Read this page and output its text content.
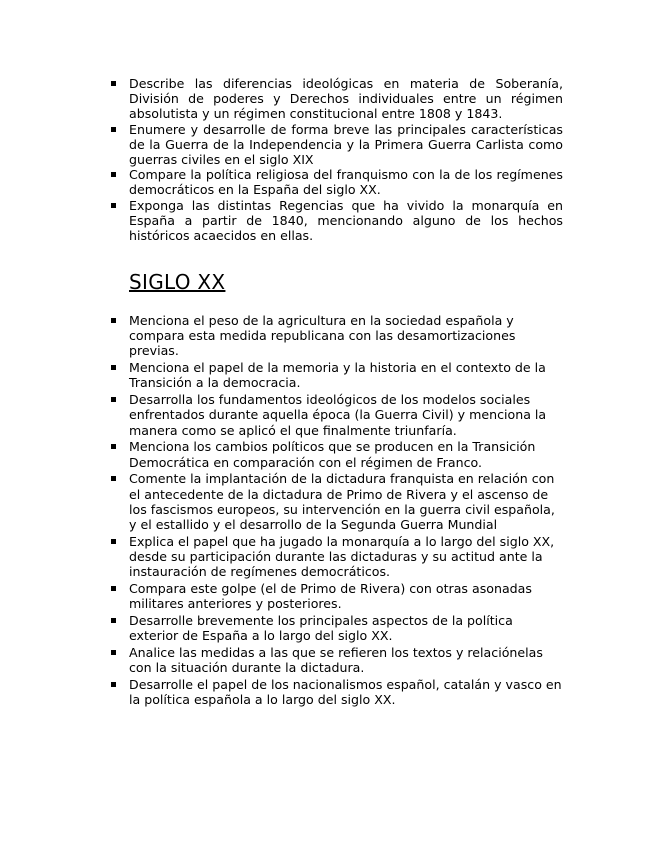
Describe las diferencias ideológicas en materia de Soberanía, División de poderes y Derechos individuales entre un régimen absolutista y un régimen constitucional entre 1808 y 1843.
Enumere y desarrolle de forma breve las principales características de la Guerra de la Independencia y la Primera Guerra Carlista como guerras civiles en el siglo XIX
Compare la política religiosa del franquismo con la de los regímenes democráticos en la España del siglo XX.
Exponga las distintas Regencias que ha vivido la monarquía en España a partir de 1840, mencionando alguno de los hechos históricos acaecidos en ellas.
SIGLO XX
Menciona el peso de la agricultura en la sociedad española y compara esta medida republicana con las desamortizaciones previas.
Menciona el papel de la memoria y la historia en el contexto de la Transición a la democracia.
Desarrolla los fundamentos ideológicos de los modelos sociales enfrentados durante aquella época (la Guerra Civil) y menciona la manera como se aplicó el que finalmente triunfaría.
Menciona los cambios políticos que se producen en la Transición Democrática en comparación con el régimen de Franco.
Comente la implantación de la dictadura franquista en relación con el antecedente de la dictadura de Primo de Rivera y el ascenso de los fascismos europeos, su intervención en la guerra civil española, y el estallido y el desarrollo de la Segunda Guerra Mundial
Explica el papel que ha jugado la monarquía a lo largo del siglo XX, desde su participación durante las dictaduras y su actitud ante la instauración de regímenes democráticos.
Compara este golpe (el de Primo de Rivera) con otras asonadas militares anteriores y posteriores.
Desarrolle brevemente los principales aspectos de la política exterior de España a lo largo del siglo XX.
Analice las medidas a las que se refieren los textos y relaciónelas con la situación durante la dictadura.
Desarrolle el papel de los nacionalismos español, catalán y vasco en la política española a lo largo del siglo XX.
